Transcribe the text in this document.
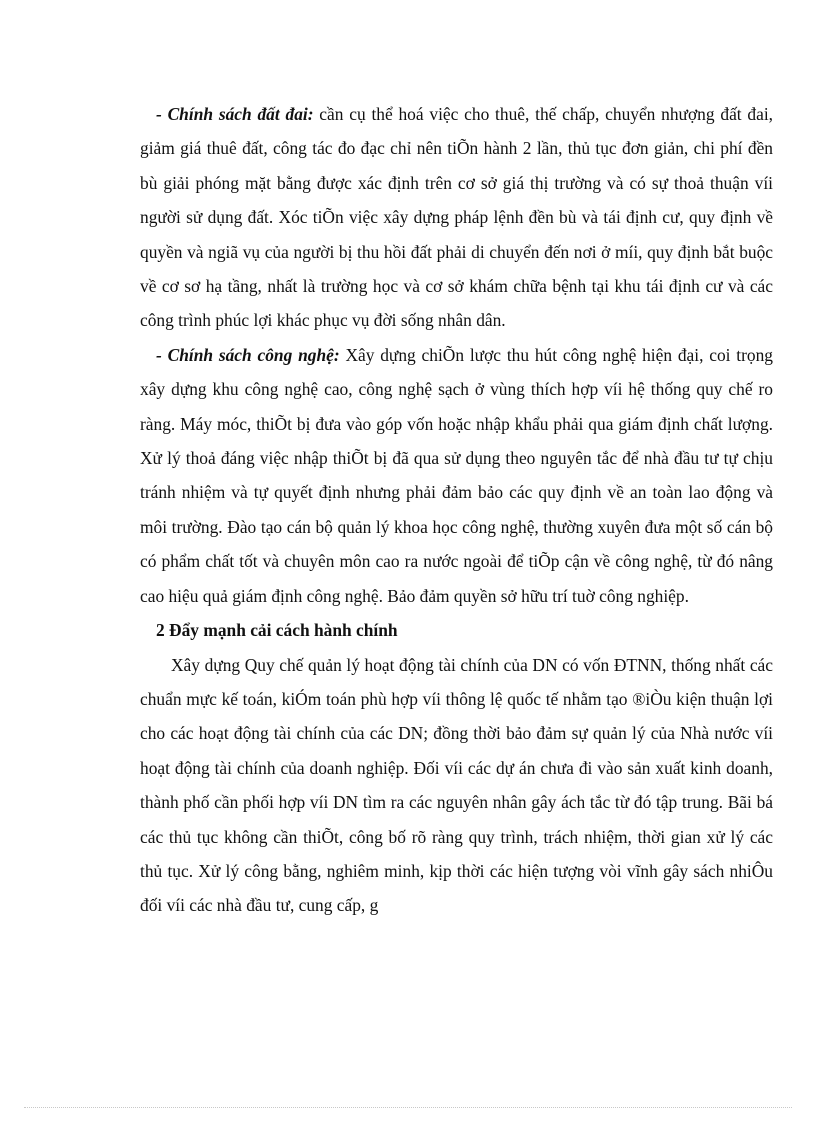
- Chính sách đất đai: cần cụ thể hoá việc cho thuê, thế chấp, chuyển nhượng đất đai, giảm giá thuê đất, công tác đo đạc chỉ nên tiÕn hành 2 lần, thủ tục đơn giản, chi phí đền bù giải phóng mặt bằng được xác định trên cơ sở giá thị trường và có sự thoả thuận víi người sử dụng đất. Xóc tiÕn việc xây dựng pháp lệnh đền bù và tái định cư, quy định về quyền và ngiã vụ của người bị thu hồi đất phải di chuyển đến nơi ở míi, quy định bắt buộc về cơ sơ hạ tầng, nhất là trường học và cơ sở khám chữa bệnh tại khu tái định cư và các công trình phúc lợi khác phục vụ đời sống nhân dân.

- Chính sách công nghệ: Xây dựng chiÕn lược thu hút công nghệ hiện đại, coi trọng xây dựng khu công nghệ cao, công nghệ sạch ở vùng thích hợp víi hệ thống quy chế ro ràng. Máy móc, thiÕt bị đưa vào góp vốn hoặc nhập khẩu phải qua giám định chất lượng. Xử lý thoả đáng việc nhập thiÕt bị đã qua sử dụng theo nguyên tắc để nhà đầu tư tự chịu tránh nhiệm và tự quyết định nhưng phải đảm bảo các quy định về an toàn lao động và môi trường. Đào tạo cán bộ quản lý khoa học công nghệ, thường xuyên đưa một số cán bộ có phẩm chất tốt và chuyên môn cao ra nước ngoài để tiÕp cận về công nghệ, từ đó nâng cao hiệu quả giám định công nghệ. Bảo đảm quyền sở hữu trí tuờ công nghiệp.

2 Đẩy mạnh cải cách hành chính

Xây dựng Quy chế quản lý hoạt động tài chính của DN có vốn ĐTNN, thống nhất các chuẩn mực kế toán, kiÓm toán phù hợp víi thông lệ quốc tế nhằm tạo ®iÒu kiện thuận lợi cho các hoạt động tài chính của các DN; đồng thời bảo đảm sự quản lý của Nhà nước víi hoạt động tài chính của doanh nghiệp. Đối víi các dự án chưa đi vào sản xuất kinh doanh, thành phố cần phối hợp víi DN tìm ra các nguyên nhân gây ách tắc từ đó tập trung. Bãi bá các thủ tục không cần thiÕt, công bố rõ ràng quy trình, trách nhiệm, thời gian xử lý các thủ tục. Xử lý công bằng, nghiêm minh, kịp thời các hiện tượng vòi vĩnh gây sách nhiÔu đối víi các nhà đầu tư, cung cấp, g
